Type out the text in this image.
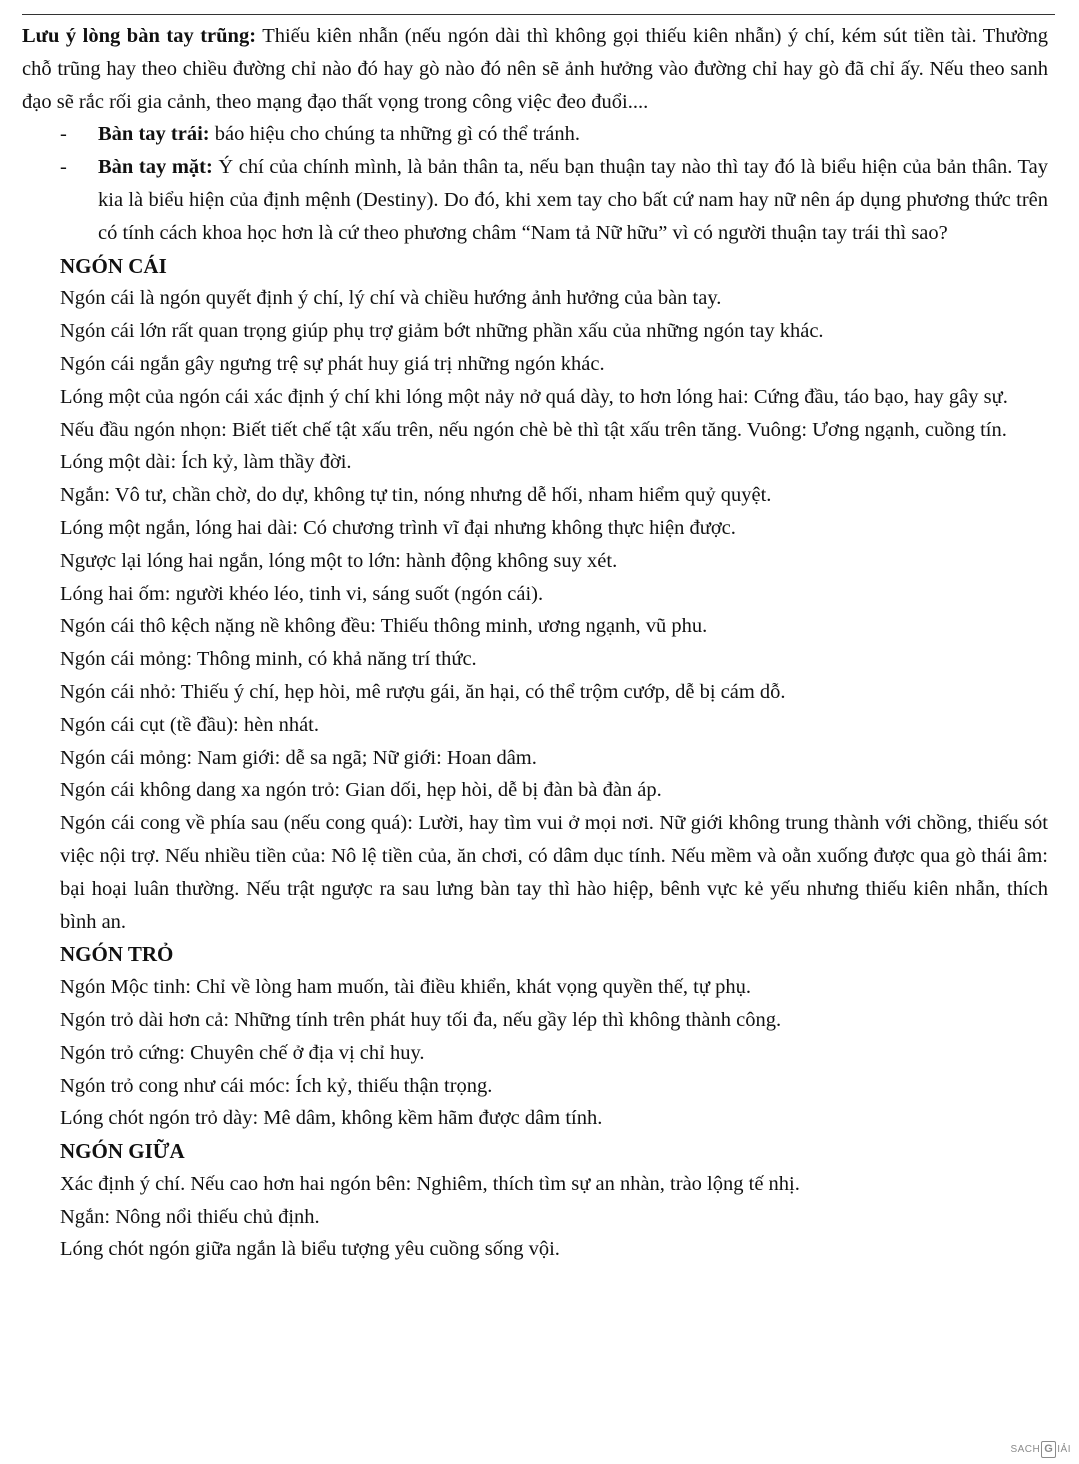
Lưu ý lòng bàn tay trũng: Thiếu kiên nhẫn (nếu ngón dài thì không gọi thiếu kiên nhẫn) ý chí, kém sút tiền tài. Thường chỗ trũng hay theo chiều đường chỉ nào đó hay gò nào đó nên sẽ ảnh hưởng vào đường chỉ hay gò đã chỉ ấy. Nếu theo sanh đạo sẽ rắc rối gia cảnh, theo mạng đạo thất vọng trong công việc đeo đuổi....

- Bàn tay trái: báo hiệu cho chúng ta những gì có thể tránh.

- Bàn tay mặt: Ý chí của chính mình, là bản thân ta, nếu bạn thuận tay nào thì tay đó là biểu hiện của bản thân. Tay kia là biểu hiện của định mệnh (Destiny). Do đó, khi xem tay cho bất cứ nam hay nữ nên áp dụng phương thức trên có tính cách khoa học hơn là cứ theo phương châm “Nam tả Nữ hữu” vì có người thuận tay trái thì sao?

NGÓN CÁI

Ngón cái là ngón quyết định ý chí, lý chí và chiều hướng ảnh hưởng của bàn tay.

Ngón cái lớn rất quan trọng giúp phụ trợ giảm bớt những phần xấu của những ngón tay khác.

Ngón cái ngắn gây ngưng trệ sự phát huy giá trị những ngón khác.

Lóng một của ngón cái xác định ý chí khi lóng một nảy nở quá dày, to hơn lóng hai: Cứng đầu, táo bạo, hay gây sự.

Nếu đầu ngón nhọn: Biết tiết chế tật xấu trên, nếu ngón chè bè thì tật xấu trên tăng. Vuông: Ương ngạnh, cuồng tín.

Lóng một dài: Ích kỷ, làm thầy đời.

Ngắn: Vô tư, chần chờ, do dự, không tự tin, nóng nhưng dễ hối, nham hiểm quỷ quyệt.

Lóng một ngắn, lóng hai dài: Có chương trình vĩ đại nhưng không thực hiện được.

Ngược lại lóng hai ngắn, lóng một to lớn: hành động không suy xét.

Lóng hai ốm: người khéo léo, tinh vi, sáng suốt (ngón cái).

Ngón cái thô kệch nặng nề không đều: Thiếu thông minh, ương ngạnh, vũ phu.

Ngón cái mỏng: Thông minh, có khả năng trí thức.

Ngón cái nhỏ: Thiếu ý chí, hẹp hòi, mê rượu gái, ăn hại, có thể trộm cướp, dễ bị cám dỗ.

Ngón cái cụt (tề đầu): hèn nhát.

Ngón cái mỏng: Nam giới: dễ sa ngã; Nữ giới: Hoan dâm.

Ngón cái không dang xa ngón trỏ: Gian dối, hẹp hòi, dễ bị đàn bà đàn áp.

Ngón cái cong về phía sau (nếu cong quá): Lười, hay tìm vui ở mọi nơi. Nữ giới không trung thành với chồng, thiếu sót việc nội trợ. Nếu nhiều tiền của: Nô lệ tiền của, ăn chơi, có dâm dục tính. Nếu mềm và oằn xuống được qua gò thái âm: bại hoại luân thường. Nếu trật ngược ra sau lưng bàn tay thì hào hiệp, bênh vực kẻ yếu nhưng thiếu kiên nhẫn, thích bình an.

NGÓN TRỎ

Ngón Mộc tinh: Chỉ về lòng ham muốn, tài điều khiển, khát vọng quyền thế, tự phụ.

Ngón trỏ dài hơn cả: Những tính trên phát huy tối đa, nếu gầy lép thì không thành công.

Ngón trỏ cứng: Chuyên chế ở địa vị chỉ huy.

Ngón trỏ cong như cái móc: Ích kỷ, thiếu thận trọng.

Lóng chót ngón trỏ dày: Mê dâm, không kềm hãm được dâm tính.

NGÓN GIỮA

Xác định ý chí. Nếu cao hơn hai ngón bên: Nghiêm, thích tìm sự an nhàn, trào lộng tế nhị.

Ngắn: Nông nổi thiếu chủ định.

Lóng chót ngón giữa ngắn là biểu tượng yêu cuồng sống vội.

SACH G IẢI
